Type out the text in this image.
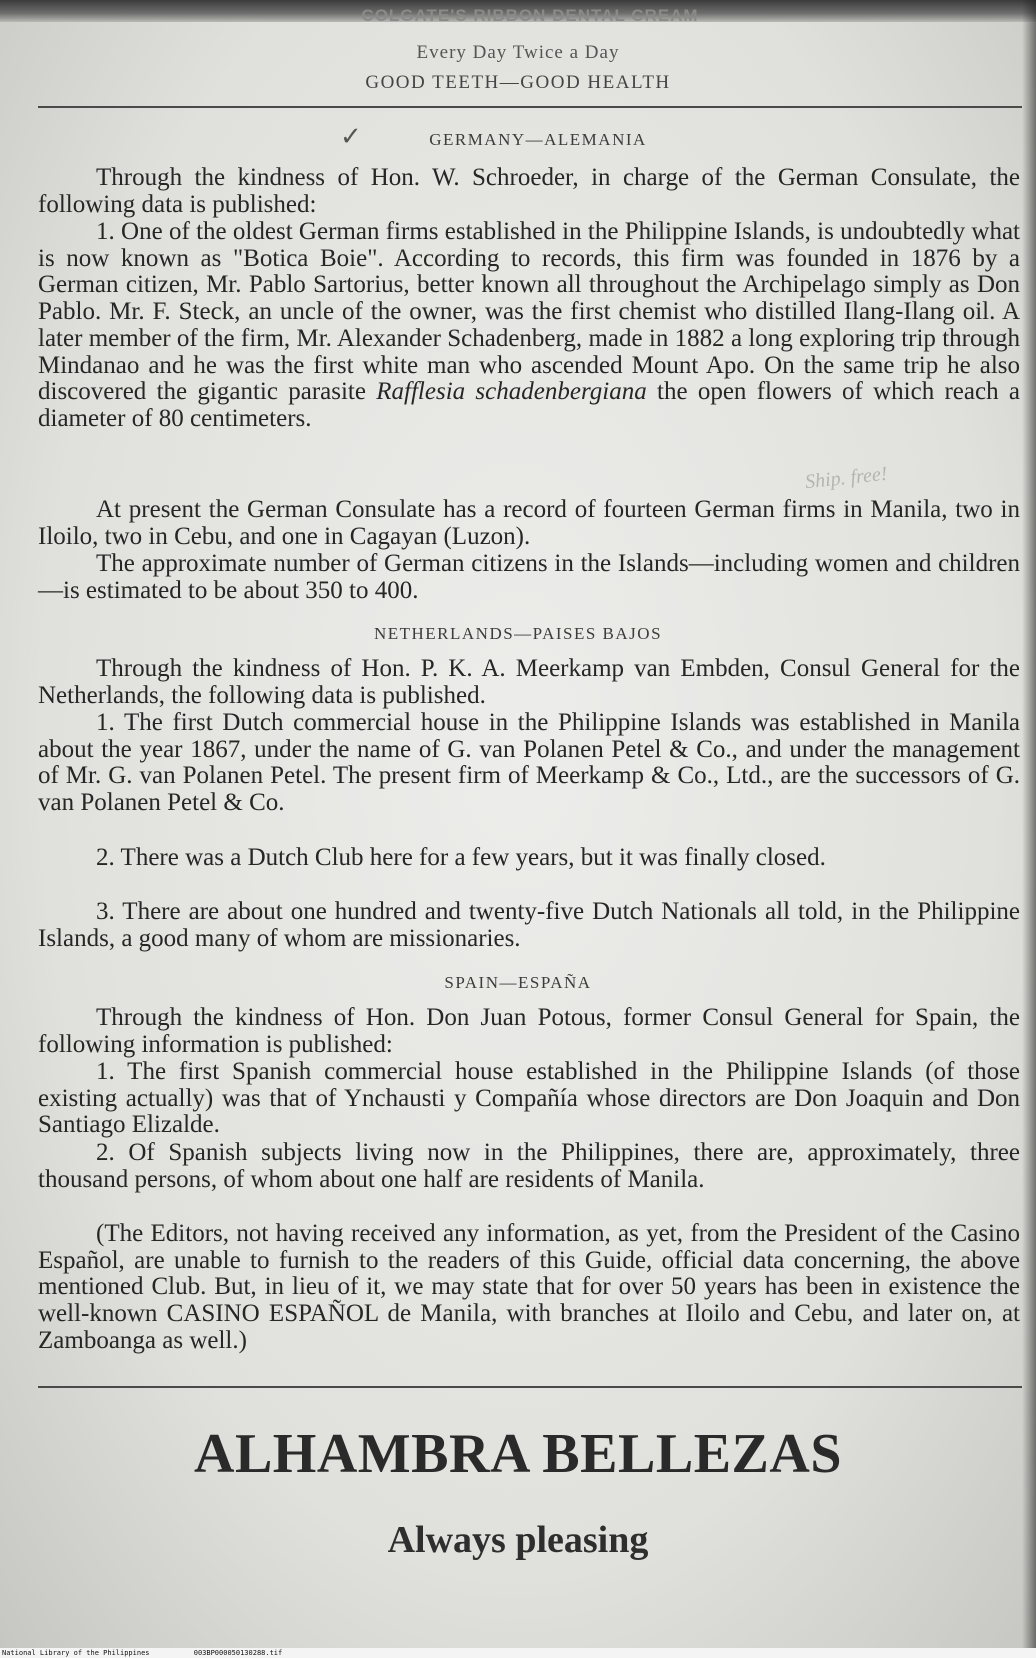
COLGATE'S RIBBON DENTAL CREAM
Every Day Twice a Day
GOOD TEETH—GOOD HEALTH
✓	GERMANY—ALEMANIA

Through the kindness of Hon. W. Schroeder, in charge of the German Consulate, the following data is published:

1. One of the oldest German firms established in the Philippine Islands, is undoubtedly what is now known as "Botica Boie". According to records, this firm was founded in 1876 by a German citizen, Mr. Pablo Sartorius, better known all throughout the Archipelago simply as Don Pablo. Mr. F. Steck, an uncle of the owner, was the first chemist who distilled Ilang-Ilang oil. A later member of the firm, Mr. Alexander Schadenberg, made in 1882 a long exploring trip through Mindanao and he was the first white man who ascended Mount Apo. On the same trip he also discovered the gigantic parasite Rafflesia schadenbergiana the open flowers of which reach a diameter of 80 centimeters.

Ship. free!

At present the German Consulate has a record of fourteen German firms in Manila, two in Iloilo, two in Cebu, and one in Cagayan (Luzon).

The approximate number of German citizens in the Islands—including women and children—is estimated to be about 350 to 400.

NETHERLANDS—PAISES BAJOS

Through the kindness of Hon. P. K. A. Meerkamp van Embden, Consul General for the Netherlands, the following data is published.

1. The first Dutch commercial house in the Philippine Islands was established in Manila about the year 1867, under the name of G. van Polanen Petel & Co., and under the management of Mr. G. van Polanen Petel. The present firm of Meerkamp & Co., Ltd., are the successors of G. van Polanen Petel & Co.

2. There was a Dutch Club here for a few years, but it was finally closed.

3. There are about one hundred and twenty-five Dutch Nationals all told, in the Philippine Islands, a good many of whom are missionaries.

SPAIN—ESPAÑA

Through the kindness of Hon. Don Juan Potous, former Consul General for Spain, the following information is published:

1. The first Spanish commercial house established in the Philippine Islands (of those existing actually) was that of Ynchausti y Compañía whose directors are Don Joaquin and Don Santiago Elizalde.

2. Of Spanish subjects living now in the Philippines, there are, approximately, three thousand persons, of whom about one half are residents of Manila.

(The Editors, not having received any information, as yet, from the President of the Casino Español, are unable to furnish to the readers of this Guide, official data concerning, the above mentioned Club. But, in lieu of it, we may state that for over 50 years has been in existence the well-known CASINO ESPAÑOL de Manila, with branches at Iloilo and Cebu, and later on, at Zamboanga as well.)

ALHAMBRA BELLEZAS
Always pleasing
National Library of the Philippines	003BP000050130288.tif
